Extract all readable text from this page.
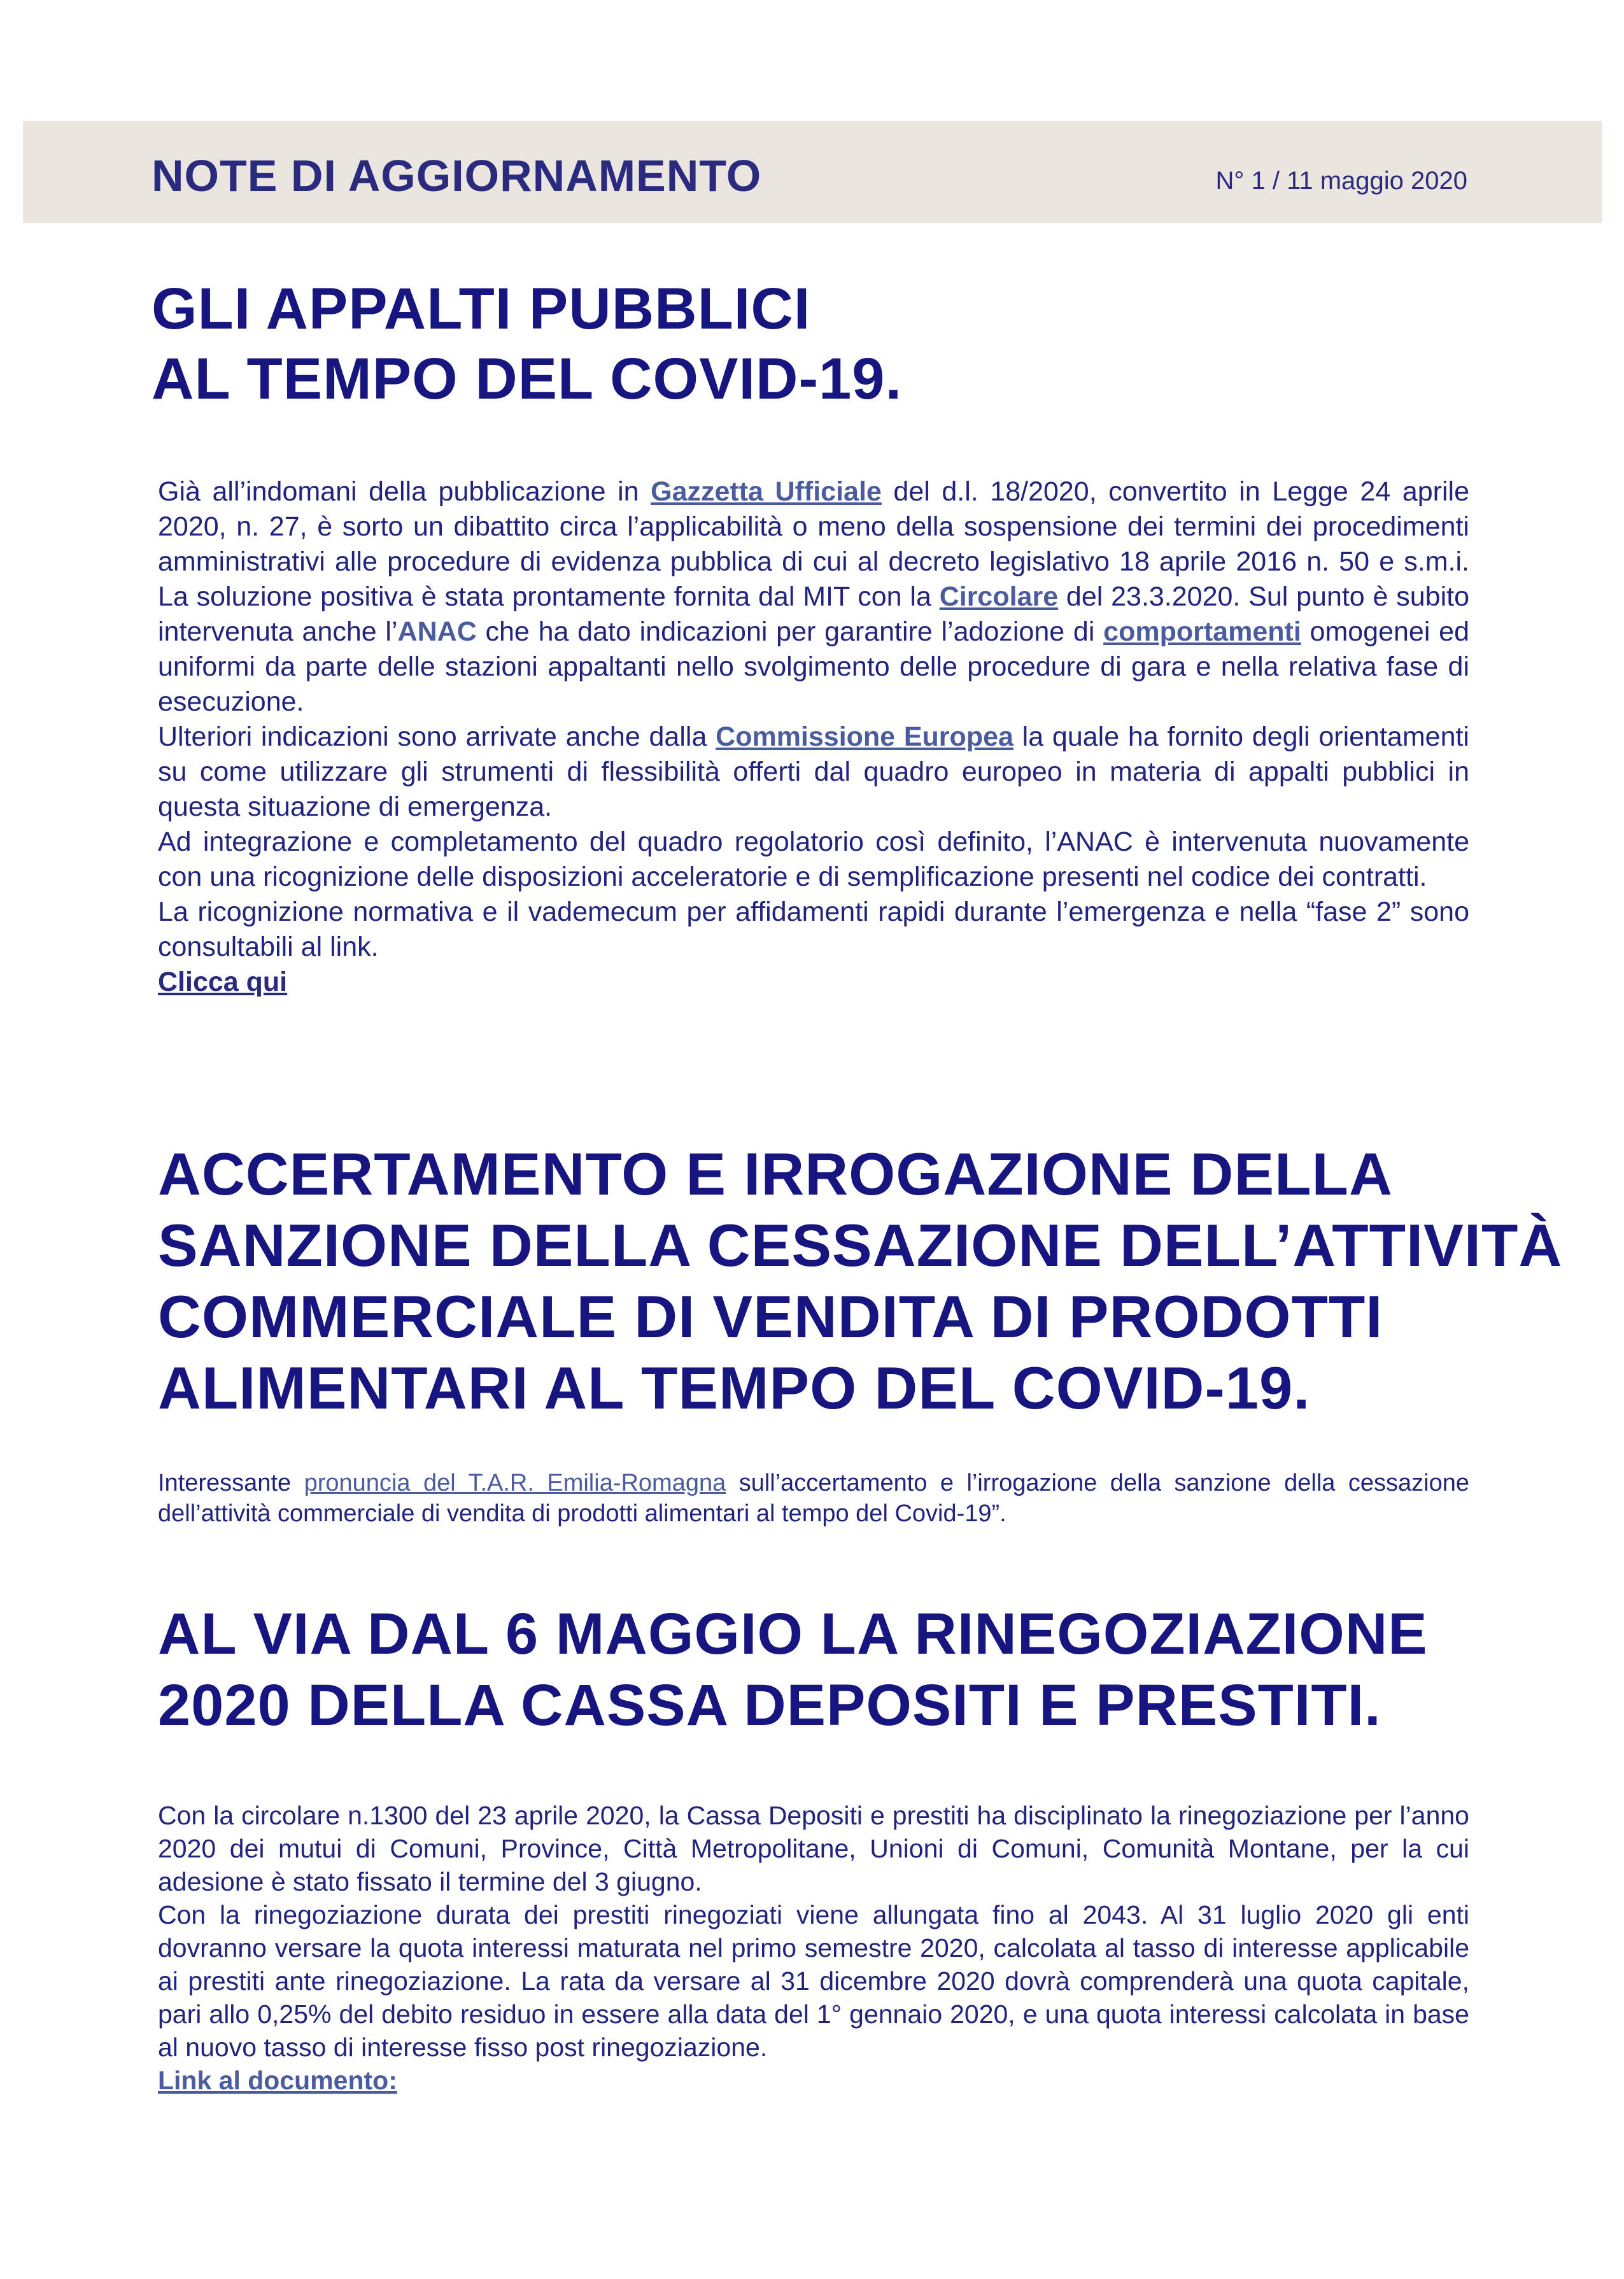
NOTE DI AGGIORNAMENTO	N° 1 / 11 maggio 2020
GLI APPALTI PUBBLICI
AL TEMPO DEL COVID-19.

Già all’indomani della pubblicazione in Gazzetta Ufficiale del d.l. 18/2020, convertito in Legge 24 aprile 2020, n. 27, è sorto un dibattito circa l’applicabilità o meno della sospensione dei termini dei procedimenti amministrativi alle procedure di evidenza pubblica di cui al decreto legislativo 18 aprile 2016 n. 50 e s.m.i. La soluzione positiva è stata prontamente fornita dal MIT con la Circolare del 23.3.2020. Sul punto è subito intervenuta anche l’ANAC che ha dato indicazioni per garantire l’adozione di comportamenti omogenei ed uniformi da parte delle stazioni appaltanti nello svolgimento delle procedure di gara e nella relativa fase di esecuzione.

Ulteriori indicazioni sono arrivate anche dalla Commissione Europea la quale ha fornito degli orientamenti su come utilizzare gli strumenti di flessibilità offerti dal quadro europeo in materia di appalti pubblici in questa situazione di emergenza.

Ad integrazione e completamento del quadro regolatorio così definito, l’ANAC è intervenuta nuovamente con una ricognizione delle disposizioni acceleratorie e di semplificazione presenti nel codice dei contratti.

La ricognizione normativa e il vademecum per affidamenti rapidi durante l’emergenza e nella “fase 2” sono consultabili al link.

Clicca qui

ACCERTAMENTO E IRROGAZIONE DELLA
SANZIONE DELLA CESSAZIONE DELL’ATTIVITÀ
COMMERCIALE DI VENDITA DI PRODOTTI
ALIMENTARI AL TEMPO DEL COVID-19.

Interessante pronuncia del T.A.R. Emilia-Romagna sull’accertamento e l’irrogazione della sanzione della cessazione dell’attività commerciale di vendita di prodotti alimentari al tempo del Covid-19”.

AL VIA DAL 6 MAGGIO LA RINEGOZIAZIONE
2020 DELLA CASSA DEPOSITI E PRESTITI.

Con la circolare n.1300 del 23 aprile 2020, la Cassa Depositi e prestiti ha disciplinato la rinegoziazione per l’anno 2020 dei mutui di Comuni, Province, Città Metropolitane, Unioni di Comuni, Comunità Montane, per la cui adesione è stato fissato il termine del 3 giugno.

Con la rinegoziazione durata dei prestiti rinegoziati viene allungata fino al 2043. Al 31 luglio 2020 gli enti dovranno versare la quota interessi maturata nel primo semestre 2020, calcolata al tasso di interesse applicabile ai prestiti ante rinegoziazione. La rata da versare al 31 dicembre 2020 dovrà comprenderà una quota capitale, pari allo 0,25% del debito residuo in essere alla data del 1° gennaio 2020, e una quota interessi calcolata in base al nuovo tasso di interesse fisso post rinegoziazione.

Link al documento:
